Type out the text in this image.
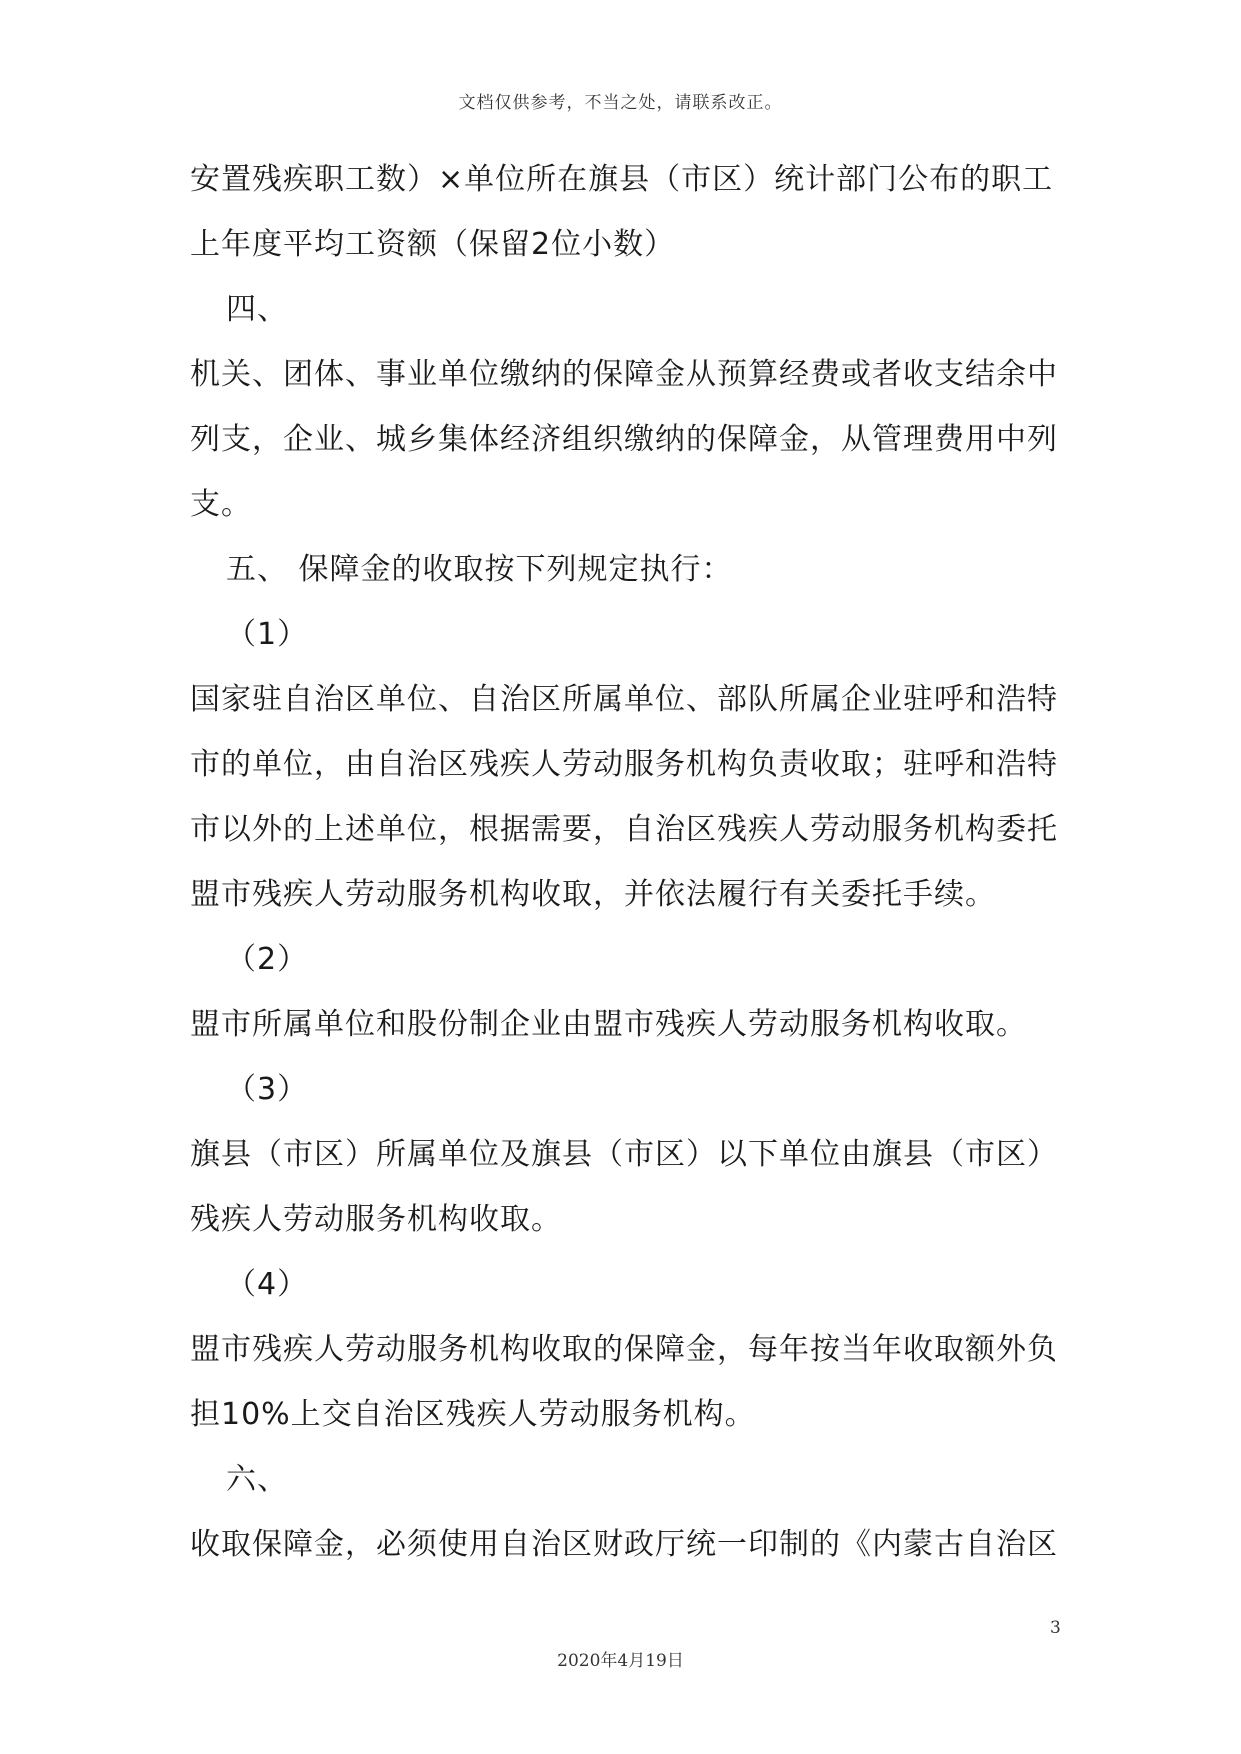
文档仅供参考，不当之处，请联系改正。
安置残疾职工数）×单位所在旗县（市区）统计部门公布的职工
上年度平均工资额（保留2位小数）
四、
机关、团体、事业单位缴纳的保障金从预算经费或者收支结余中
列支，企业、城乡集体经济组织缴纳的保障金，从管理费用中列
支。
五、 保障金的收取按下列规定执行：
（1）
国家驻自治区单位、自治区所属单位、部队所属企业驻呼和浩特
市的单位，由自治区残疾人劳动服务机构负责收取；驻呼和浩特
市以外的上述单位，根据需要，自治区残疾人劳动服务机构委托
盟市残疾人劳动服务机构收取，并依法履行有关委托手续。
（2）
盟市所属单位和股份制企业由盟市残疾人劳动服务机构收取。
（3）
旗县（市区）所属单位及旗县（市区）以下单位由旗县（市区）
残疾人劳动服务机构收取。
（4）
盟市残疾人劳动服务机构收取的保障金，每年按当年收取额外负
担10%上交自治区残疾人劳动服务机构。
六、
收取保障金，必须使用自治区财政厅统一印制的《内蒙古自治区
3
2020年4月19日
